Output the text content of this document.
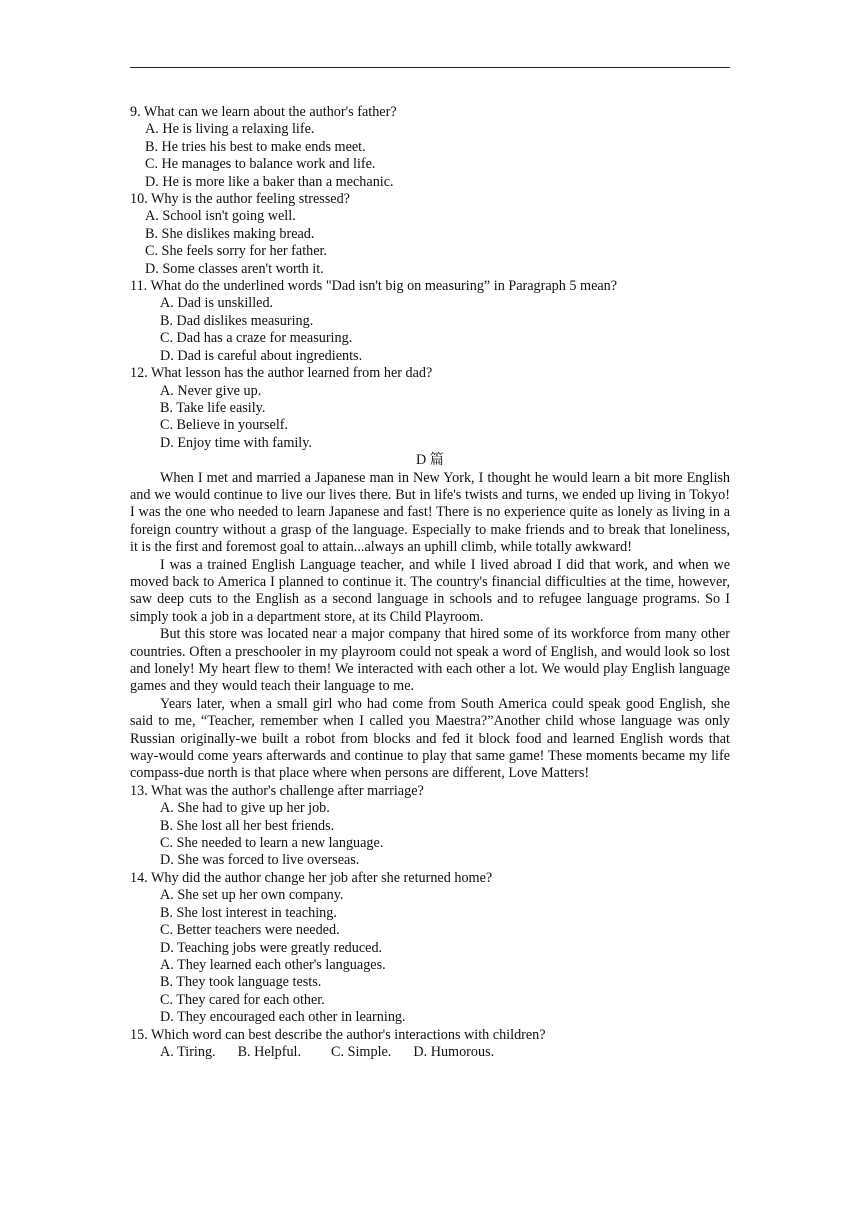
9. What can we learn about the author's father?

A. He is living a relaxing life.

B. He tries his best to make ends meet.

C. He manages to balance work and life.

D. He is more like a baker than a mechanic.

10. Why is the author feeling stressed?

A. School isn't going well.

B. She dislikes making bread.

C. She feels sorry for her father.

D. Some classes aren't worth it.

11. What do the underlined words "Dad isn't big on measuring” in Paragraph 5 mean?

A. Dad is unskilled.

B. Dad dislikes measuring.

C. Dad has a craze for measuring.

D. Dad is careful about ingredients.

12. What lesson has the author learned from her dad?

A. Never give up.

B. Take life easily.

C. Believe in yourself.

D. Enjoy time with family.

D 篇

When I met and married a Japanese man in New York, I thought he would learn a bit more English and we would continue to live our lives there. But in life's twists and turns, we ended up living in Tokyo! I was the one who needed to learn Japanese and fast! There is no experience quite as lonely as living in a foreign country without a grasp of the language. Especially to make friends and to break that loneliness, it is the first and foremost goal to attain...always an uphill climb, while totally awkward!

I was a trained English Language teacher, and while I lived abroad I did that work, and when we moved back to America I planned to continue it. The country's financial difficulties at the time, however, saw deep cuts to the English as a second language in schools and to refugee language programs. So I simply took a job in a department store, at its Child Playroom.

But this store was located near a major company that hired some of its workforce from many other countries. Often a preschooler in my playroom could not speak a word of English, and would look so lost and lonely! My heart flew to them! We interacted with each other a lot. We would play English language games and they would teach their language to me.

Years later, when a small girl who had come from South America could speak good English, she said to me, “Teacher, remember when I called you Maestra?”Another child whose language was only Russian originally-we built a robot from blocks and fed it block food and learned English words that way-would come years afterwards and continue to play that same game! These moments became my life compass-due north is that place where when persons are different, Love Matters!

13. What was the author's challenge after marriage?

A. She had to give up her job.

B. She lost all her best friends.

C. She needed to learn a new language.

D. She was forced to live overseas.

14. Why did the author change her job after she returned home?

A. She set up her own company.

B. She lost interest in teaching.

C. Better teachers were needed.

D. Teaching jobs were greatly reduced.

A. They learned each other's languages.

B. They took language tests.

C. They cared for each other.

D. They encouraged each other in learning.

15. Which word can best describe the author's interactions with children?

A. Tiring. B. Helpful. C. Simple. D. Humorous.
